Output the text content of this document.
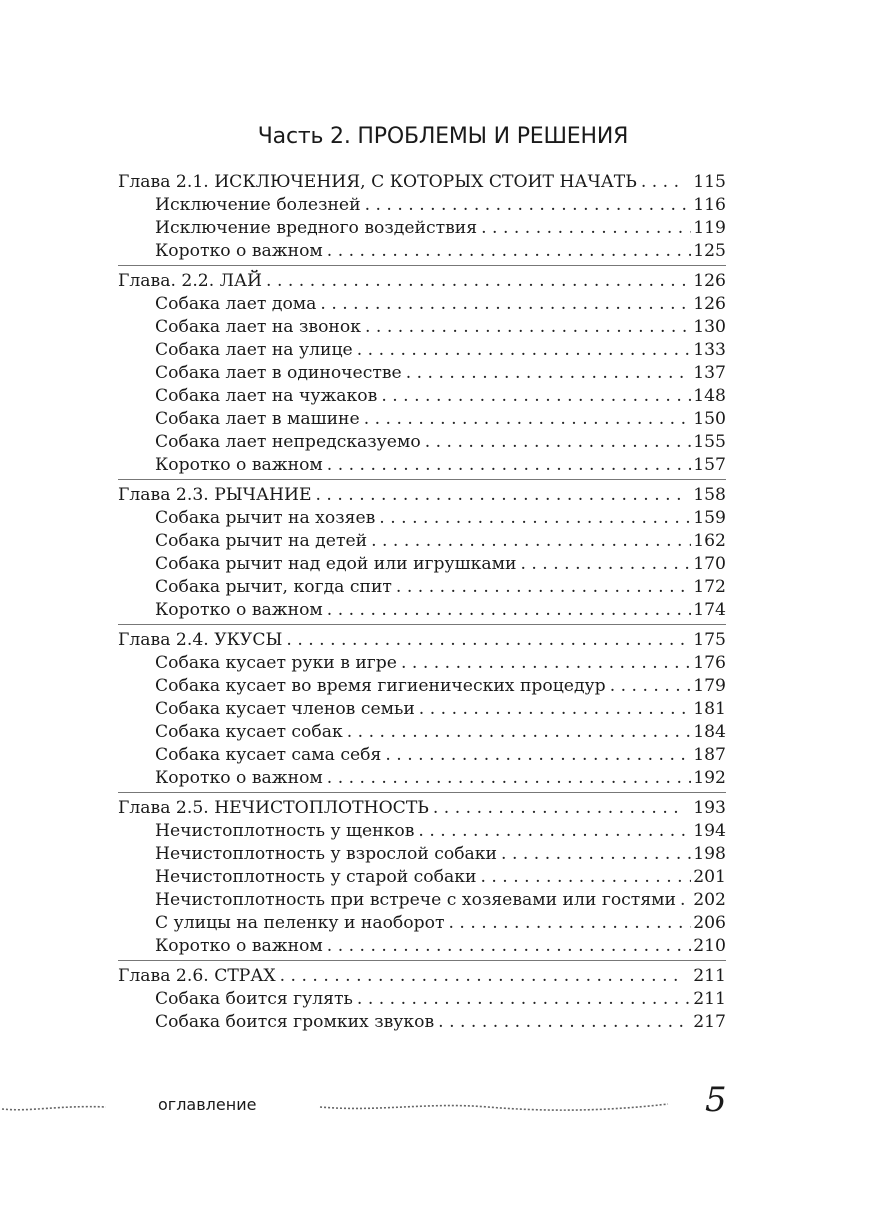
Часть 2. ПРОБЛЕМЫ И РЕШЕНИЯ
Глава 2.1. ИСКЛЮЧЕНИЯ, С КОТОРЫХ СТОИТ НАЧАТЬ . . .	115
Исключение болезней . . .	116
Исключение вредного воздействия . . .	119
Коротко о важном . . .	125
Глава. 2.2. ЛАЙ . . .	126
Собака лает дома . . .	126
Собака лает на звонок . . .	130
Собака лает на улице . . .	133
Собака лает в одиночестве . . .	137
Собака лает на чужаков . . .	148
Собака лает в машине . . .	150
Собака лает непредсказуемо . . .	155
Коротко о важном . . .	157
Глава 2.3. РЫЧАНИЕ . . .	158
Собака рычит на хозяев . . .	159
Собака рычит на детей . . .	162
Собака рычит над едой или игрушками . . .	170
Собака рычит, когда спит . . .	172
Коротко о важном . . .	174
Глава 2.4. УКУСЫ . . .	175
Собака кусает руки в игре . . .	176
Собака кусает во время гигиенических процедур . . .	179
Собака кусает членов семьи . . .	181
Собака кусает собак . . .	184
Собака кусает сама себя . . .	187
Коротко о важном . . .	192
Глава 2.5. НЕЧИСТОПЛОТНОСТЬ . . .	193
Нечистоплотность у щенков . . .	194
Нечистоплотность у взрослой собаки . . .	198
Нечистоплотность у старой собаки . . .	201
Нечистоплотность при встрече с хозяевами или гостями . . . 202
С улицы на пеленку и наоборот . . .	206
Коротко о важном . . .	210
Глава 2.6. СТРАХ . . .	211
Собака боится гулять . . .	211
Собака боится громких звуков . . .	217
оглавление	5
